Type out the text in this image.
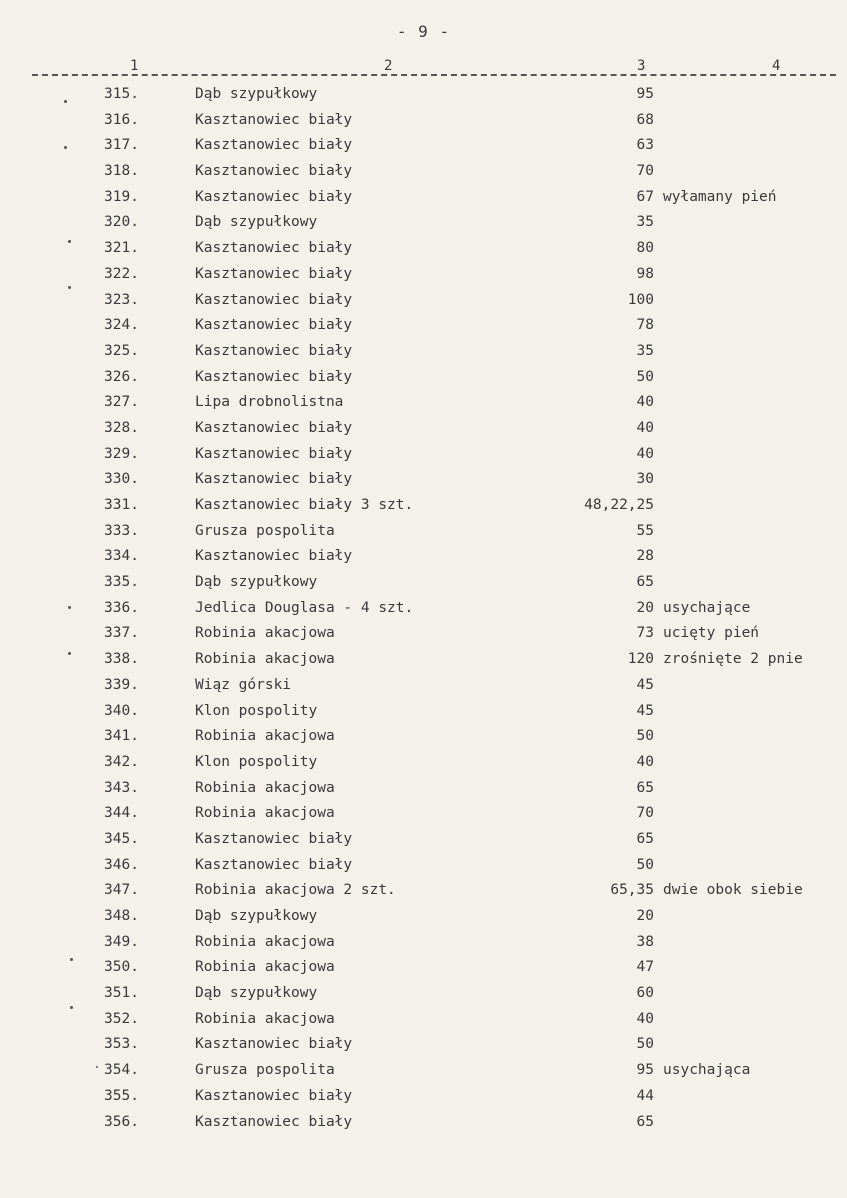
- 9 -
1	2	3	4
315.	Dąb szypułkowy	95
316.	Kasztanowiec biały	68
317.	Kasztanowiec biały	63
318.	Kasztanowiec biały	70
319.	Kasztanowiec biały	67 wyłamany pień
320.	Dąb szypułkowy	35
321.	Kasztanowiec biały	80
322.	Kasztanowiec biały	98
323.	Kasztanowiec biały	100
324.	Kasztanowiec biały	78
325.	Kasztanowiec biały	35
326.	Kasztanowiec biały	50
327.	Lipa drobnolistna	40
328.	Kasztanowiec biały	40
329.	Kasztanowiec biały	40
330.	Kasztanowiec biały	30
331.	Kasztanowiec biały 3 szt.	48,22,25
333.	Grusza pospolita	55
334.	Kasztanowiec biały	28
335.	Dąb szypułkowy	65
336.	Jedlica Douglasa - 4 szt.	20 usychające
337.	Robinia akacjowa	73 ucięty pień
338.	Robinia akacjowa	120 zrośnięte 2 pnie
339.	Wiąz górski	45
340.	Klon pospolity	45
341.	Robinia akacjowa	50
342.	Klon pospolity	40
343.	Robinia akacjowa	65
344.	Robinia akacjowa	70
345.	Kasztanowiec biały	65
346.	Kasztanowiec biały	50
347.	Robinia akacjowa 2 szt.	65,35 dwie obok siebie
348.	Dąb szypułkowy	20
349.	Robinia akacjowa	38
350.	Robinia akacjowa	47
351.	Dąb szypułkowy	60
352.	Robinia akacjowa	40
353.	Kasztanowiec biały	50
354.	Grusza pospolita	95 usychająca
355.	Kasztanowiec biały	44
356.	Kasztanowiec biały	65
